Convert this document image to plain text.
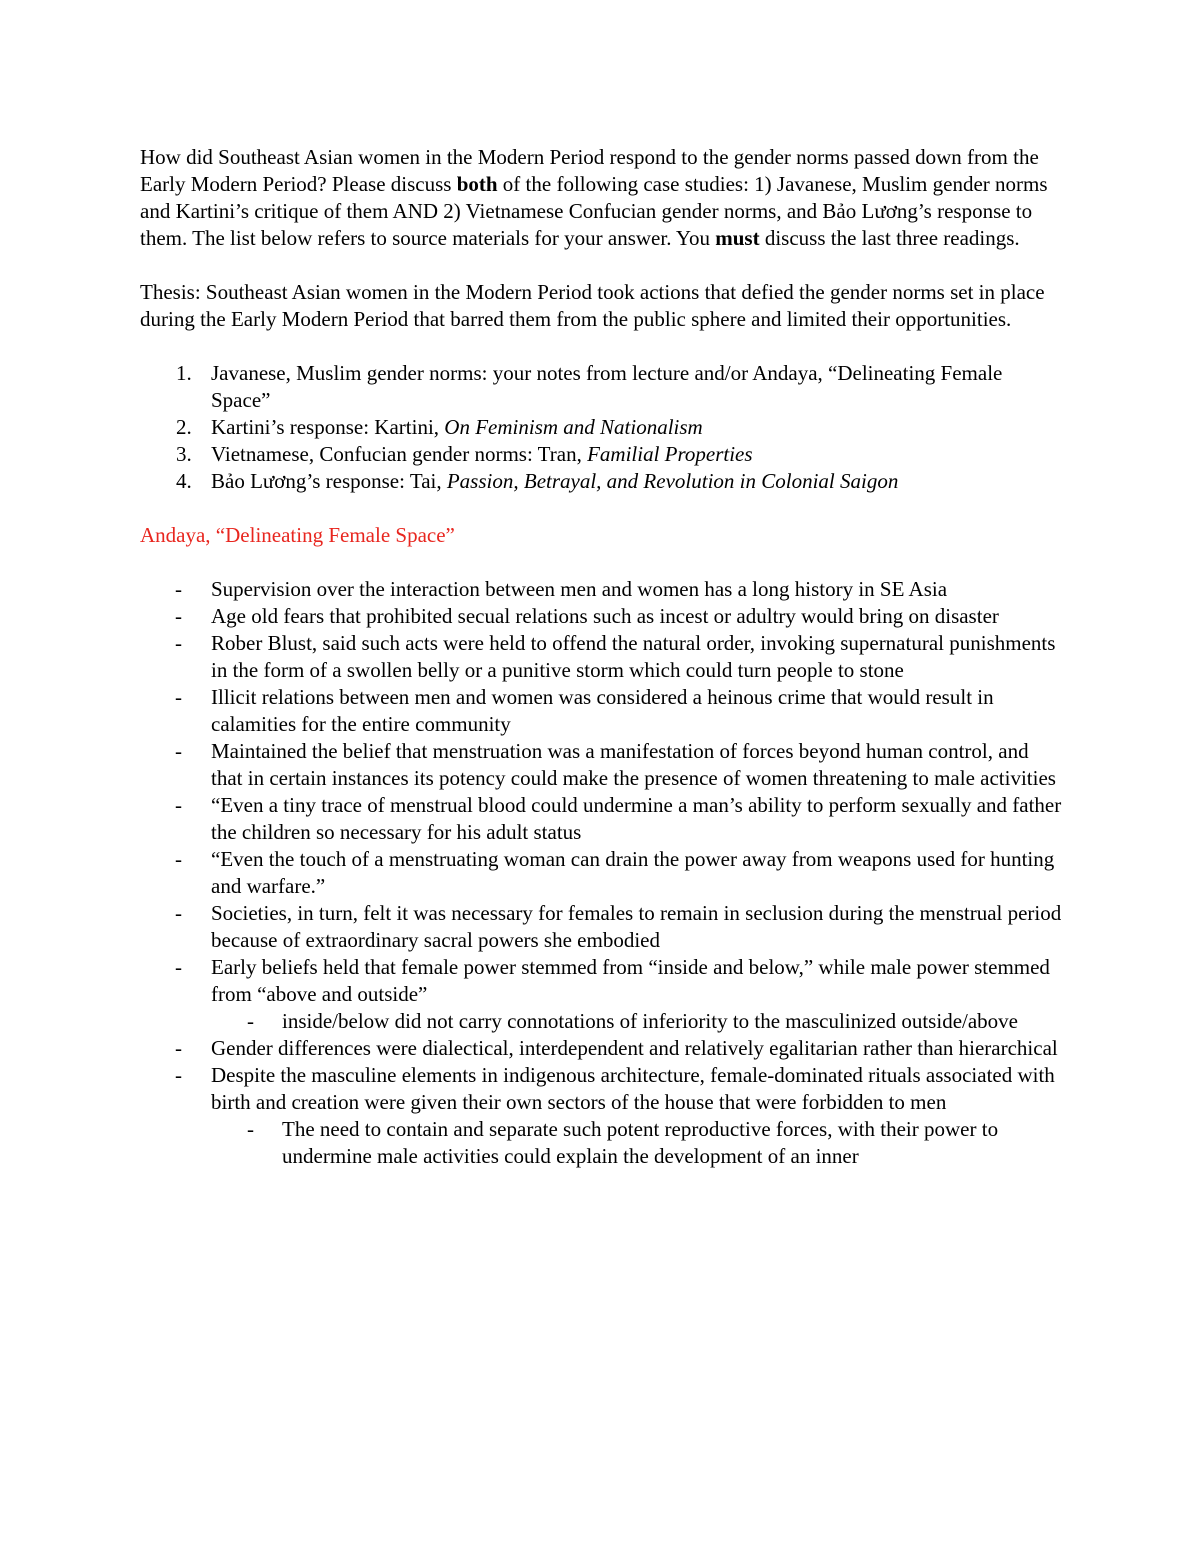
How did Southeast Asian women in the Modern Period respond to the gender norms passed down from the Early Modern Period? Please discuss both of the following case studies: 1) Javanese, Muslim gender norms and Kartini’s critique of them AND 2) Vietnamese Confucian gender norms, and Bảo Lương’s response to them. The list below refers to source materials for your answer. You must discuss the last three readings.

Thesis: Southeast Asian women in the Modern Period took actions that defied the gender norms set in place during the Early Modern Period that barred them from the public sphere and limited their opportunities.

1. Javanese, Muslim gender norms: your notes from lecture and/or Andaya, “Delineating Female Space”
2. Kartini’s response: Kartini, On Feminism and Nationalism
3. Vietnamese, Confucian gender norms: Tran, Familial Properties
4. Bảo Lương’s response: Tai, Passion, Betrayal, and Revolution in Colonial Saigon

Andaya, “Delineating Female Space”

- Supervision over the interaction between men and women has a long history in SE Asia
- Age old fears that prohibited secual relations such as incest or adultry would bring on disaster
- Rober Blust, said such acts were held to offend the natural order, invoking supernatural punishments in the form of a swollen belly or a punitive storm which could turn people to stone
- Illicit relations between men and women was considered a heinous crime that would result in calamities for the entire community
- Maintained the belief that menstruation was a manifestation of forces beyond human control, and that in certain instances its potency could make the presence of women threatening to male activities
- “Even a tiny trace of menstrual blood could undermine a man’s ability to perform sexually and father the children so necessary for his adult status
- “Even the touch of a menstruating woman can drain the power away from weapons used for hunting and warfare.”
- Societies, in turn, felt it was necessary for females to remain in seclusion during the menstrual period because of extraordinary sacral powers she embodied
- Early beliefs held that female power stemmed from “inside and below,” while male power stemmed from “above and outside”
- inside/below did not carry connotations of inferiority to the masculinized outside/above
- Gender differences were dialectical, interdependent and relatively egalitarian rather than hierarchical
- Despite the masculine elements in indigenous architecture, female-dominated rituals associated with birth and creation were given their own sectors of the house that were forbidden to men
- The need to contain and separate such potent reproductive forces, with their power to undermine male activities could explain the development of an inner
